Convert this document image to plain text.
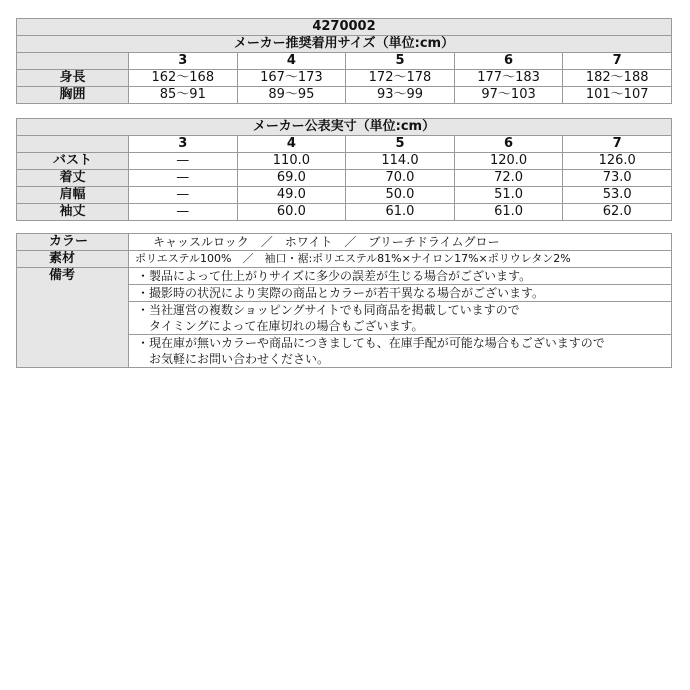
4270002					
メーカー推奨着用サイズ（単位:cm）					
	3	4	5	6	7
身長	162〜168	167〜173	172〜178	177〜183	182〜188
胸囲	85〜91	89〜95	93〜99	97〜103	101〜107
メーカー公表実寸（単位:cm）					
	3	4	5	6	7
バスト	—	110.0	114.0	120.0	126.0
着丈	—	69.0	70.0	72.0	73.0
肩幅	—	49.0	50.0	51.0	53.0
袖丈	—	60.0	61.0	61.0	62.0
カラー	キャッスルロック　／　ホワイト　／　ブリーチドライムグロー
素材	ポリエステル100%　／　袖口・裾:ポリエステル81%×ナイロン17%×ポリウレタン2%
備考	・製品によって仕上がりサイズに多少の誤差が生じる場合がございます。
	・撮影時の状況により実際の商品とカラーが若干異なる場合がございます。
	・当社運営の複数ショッピングサイトでも同商品を掲載していますので
　タイミングによって在庫切れの場合もございます。
	・現在庫が無いカラーや商品につきましても、在庫手配が可能な場合もございますので
　お気軽にお問い合わせください。
